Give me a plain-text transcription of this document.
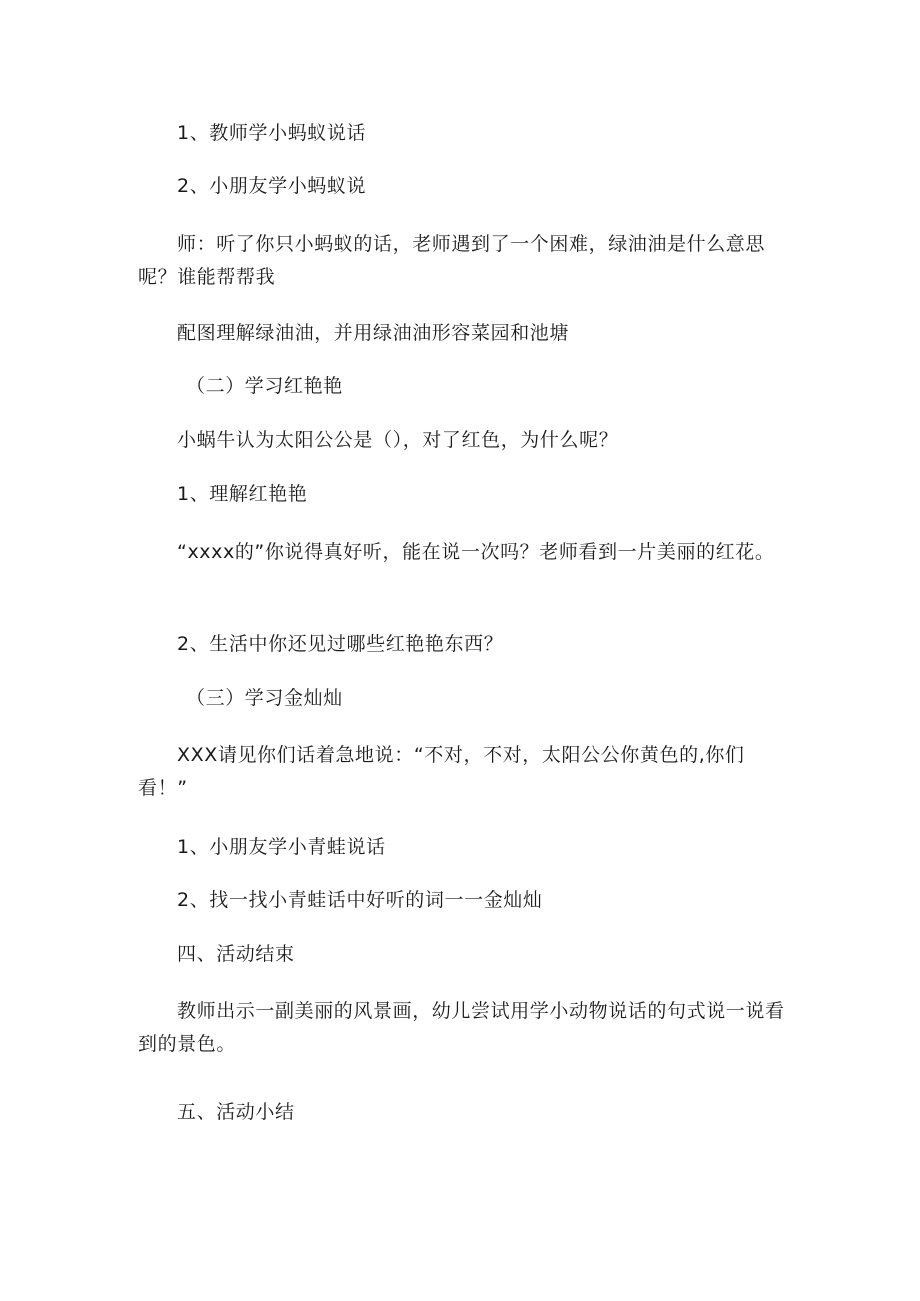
1、教师学小蚂蚁说话

2、小朋友学小蚂蚁说

师：听了你只小蚂蚁的话，老师遇到了一个困难，绿油油是什么意思呢？谁能帮帮我

配图理解绿油油，并用绿油油形容菜园和池塘

（二）学习红艳艳

小蜗牛认为太阳公公是（），对了红色，为什么呢？

1、理解红艳艳

“xxxx的”你说得真好听，能在说一次吗？老师看到一片美丽的红花。

2、生活中你还见过哪些红艳艳东西？

（三）学习金灿灿

XXX请见你们话着急地说：“不对，不对，太阳公公你黄色的,你们看！”

1、小朋友学小青蛙说话

2、找一找小青蛙话中好听的词一一金灿灿

四、活动结束

教师出示一副美丽的风景画，幼儿尝试用学小动物说话的句式说一说看到的景色。

五、活动小结
